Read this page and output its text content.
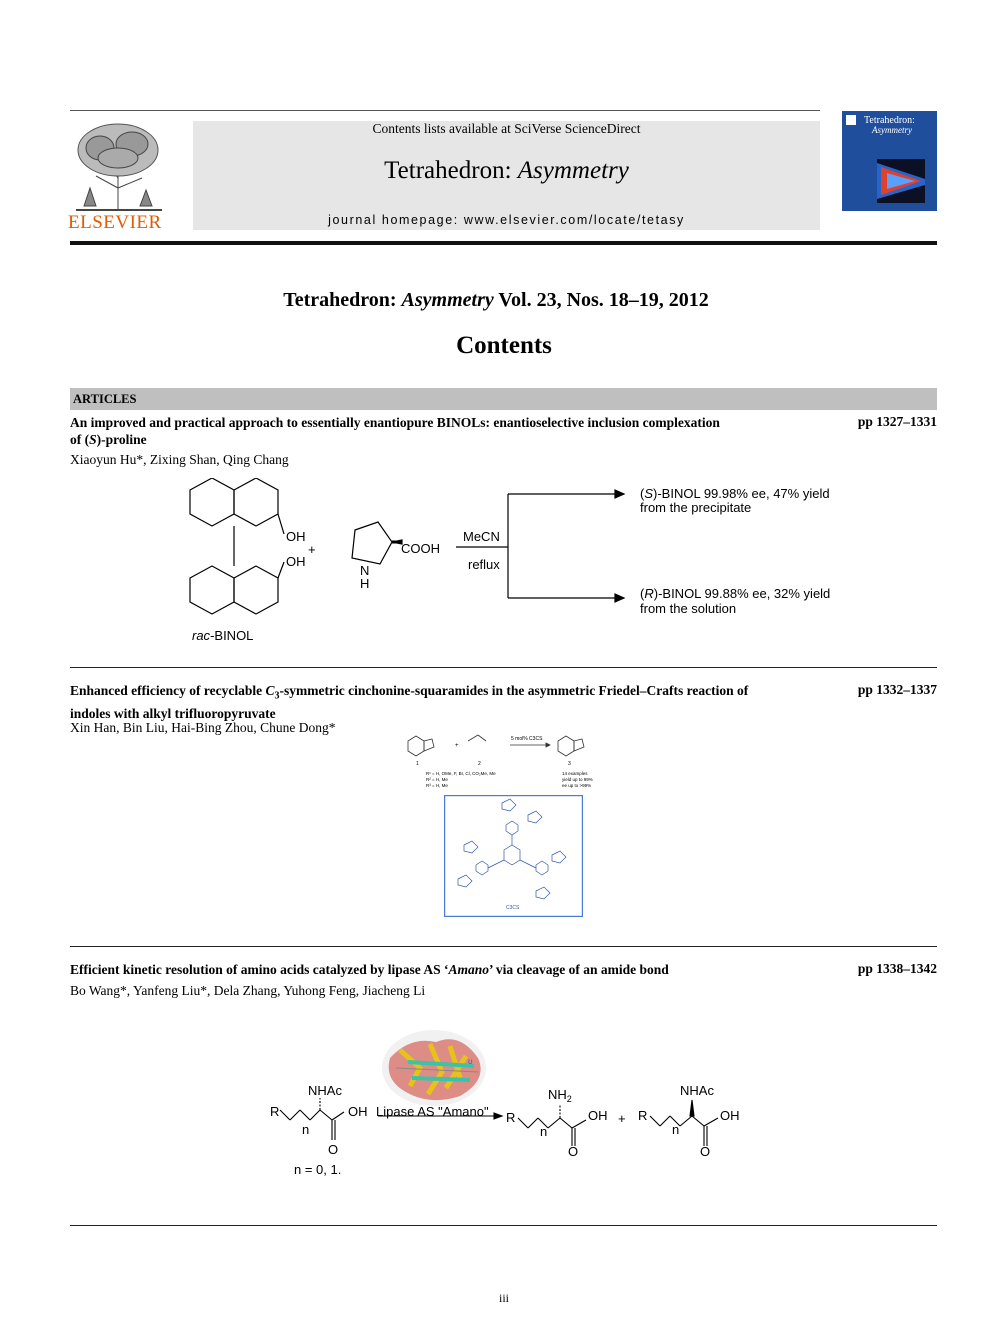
ELSEVIER
Contents lists available at SciVerse ScienceDirect
Tetrahedron: Asymmetry
journal homepage: www.elsevier.com/locate/tetasy
Tetrahedron:
Asymmetry
Tetrahedron: Asymmetry Vol. 23, Nos. 18–19, 2012
Contents
ARTICLES
An improved and practical approach to essentially enantiopure BINOLs: enantioselective inclusion complexation
of (S)-proline
pp 1327–1331
Xiaoyun Hu*, Zixing Shan, Qing Chang
OH
OH
rac-BINOL
+	COOH
N
H
MeCN
reflux
(S)-BINOL 99.98% ee, 47% yield
from the precipitate
(R)-BINOL 99.88% ee, 32% yield
from the solution
Enhanced efficiency of recyclable $C_3$-symmetric cinchonine-squaramides in the asymmetric Friedel–Crafts reaction of
indoles with alkyl trifluoropyruvate
pp 1332–1337
Xin Han, Bin Liu, Hai-Bing Zhou, Chune Dong*
+
5 mol% C3CS
1	2	3
R¹ = H, OMe, F, Br, Cl, CO₂Me, Me
R² = H, Me
R³ = H, Me
14 examples
yield up to 99%
ee up to >99%
C3CS
Efficient kinetic resolution of amino acids catalyzed by lipase AS ‘Amano’ via cleavage of an amide bond	pp 1338–1342
Bo Wang*, Yanfeng Liu*, Dela Zhang, Yuhong Feng, Jiacheng Li
ʊ
R
NHAc
OH
n
O
Lipase AS "Amano" R
$NH_2$
OH
n
O
+ R
NHAc
OH
n
O
n = 0, 1.
iii
